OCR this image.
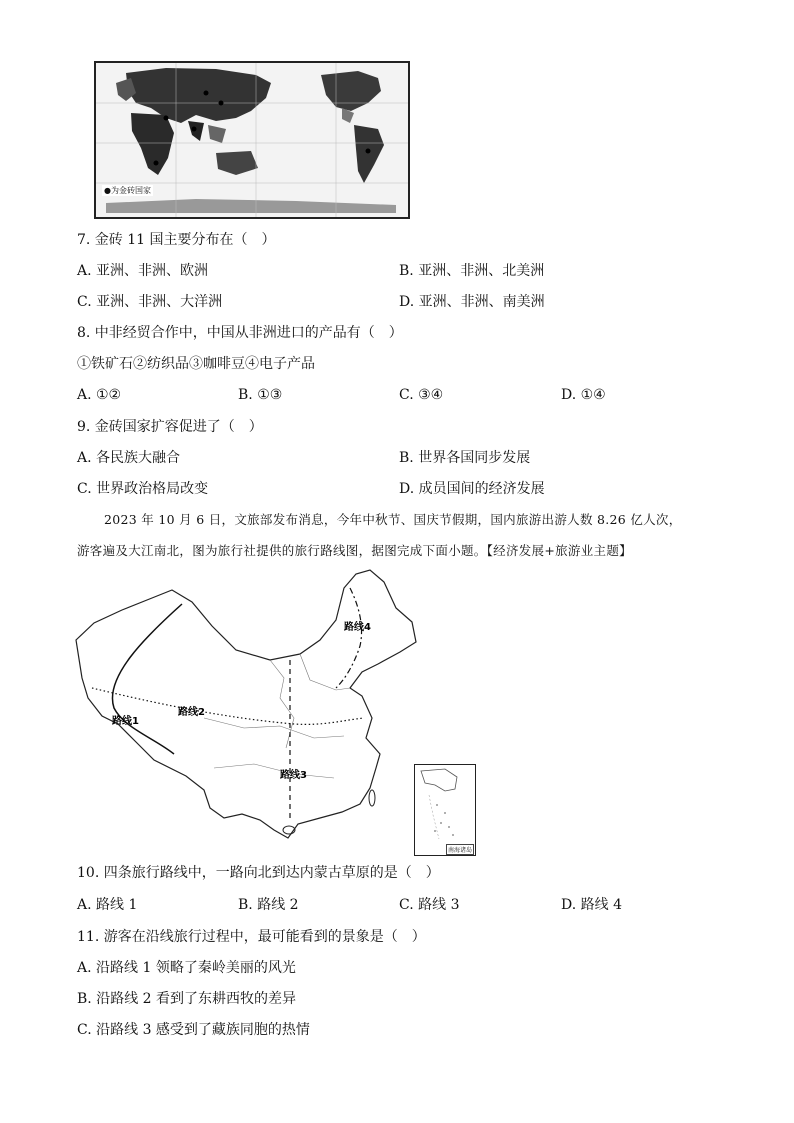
●为金砖国家
7. 金砖 11 国主要分布在（　）
A. 亚洲、非洲、欧洲	B. 亚洲、非洲、北美洲
C. 亚洲、非洲、大洋洲	D. 亚洲、非洲、南美洲
8. 中非经贸合作中，中国从非洲进口的产品有（　）
①铁矿石②纺织品③咖啡豆④电子产品
A. ①②	B. ①③	C. ③④	D. ①④
9. 金砖国家扩容促进了（　）
A. 各民族大融合	B. 世界各国同步发展
C. 世界政治格局改变	D. 成员国间的经济发展
2023 年 10 月 6 日，文旅部发布消息，今年中秋节、国庆节假期，国内旅游出游人数 8.26 亿人次，
游客遍及大江南北，图为旅行社提供的旅行路线图，据图完成下面小题。【经济发展+旅游业主题】
路线1
路线2
路线3
路线4
南海诸岛
10. 四条旅行路线中，一路向北到达内蒙古草原的是（　）
A. 路线 1	B. 路线 2	C. 路线 3	D. 路线 4
11. 游客在沿线旅行过程中，最可能看到的景象是（　）
A. 沿路线 1 领略了秦岭美丽的风光
B. 沿路线 2 看到了东耕西牧的差异
C. 沿路线 3 感受到了藏族同胞的热情
